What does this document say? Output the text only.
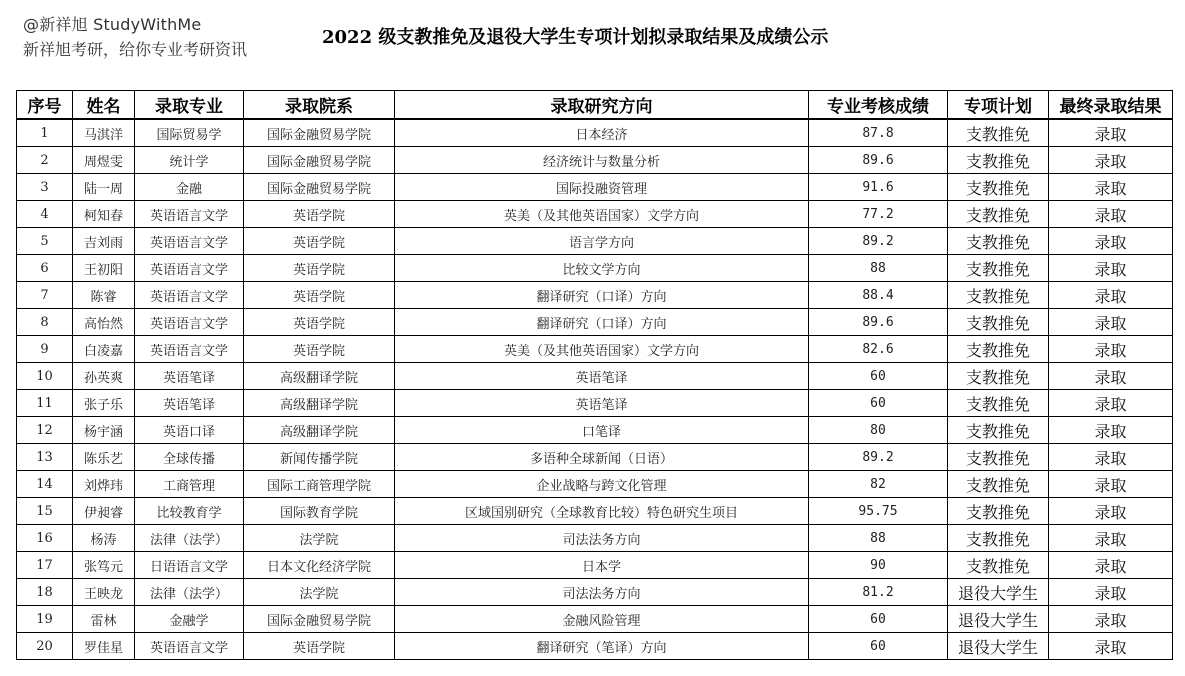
@新祥旭 StudyWithMe
新祥旭考研，给你专业考研资讯
2022 级支教推免及退役大学生专项计划拟录取结果及成绩公示
序号	姓名	录取专业	录取院系	录取研究方向	专业考核成绩	专项计划	最终录取结果
1	马淇洋	国际贸易学	国际金融贸易学院	日本经济	87.8	支教推免	录取
2	周煜雯	统计学	国际金融贸易学院	经济统计与数量分析	89.6	支教推免	录取
3	陆一周	金融	国际金融贸易学院	国际投融资管理	91.6	支教推免	录取
4	柯知春	英语语言文学	英语学院	英美（及其他英语国家）文学方向	77.2	支教推免	录取
5	吉刘雨	英语语言文学	英语学院	语言学方向	89.2	支教推免	录取
6	王初阳	英语语言文学	英语学院	比较文学方向	88	支教推免	录取
7	陈睿	英语语言文学	英语学院	翻译研究（口译）方向	88.4	支教推免	录取
8	高怡然	英语语言文学	英语学院	翻译研究（口译）方向	89.6	支教推免	录取
9	白凌嘉	英语语言文学	英语学院	英美（及其他英语国家）文学方向	82.6	支教推免	录取
10	孙英爽	英语笔译	高级翻译学院	英语笔译	60	支教推免	录取
11	张子乐	英语笔译	高级翻译学院	英语笔译	60	支教推免	录取
12	杨宇涵	英语口译	高级翻译学院	口笔译	80	支教推免	录取
13	陈乐艺	全球传播	新闻传播学院	多语种全球新闻（日语）	89.2	支教推免	录取
14	刘烨玮	工商管理	国际工商管理学院	企业战略与跨文化管理	82	支教推免	录取
15	伊昶睿	比较教育学	国际教育学院	区域国别研究（全球教育比较）特色研究生项目	95.75	支教推免	录取
16	杨涛	法律（法学）	法学院	司法法务方向	88	支教推免	录取
17	张笃元	日语语言文学	日本文化经济学院	日本学	90	支教推免	录取
18	王映龙	法律（法学）	法学院	司法法务方向	81.2	退役大学生	录取
19	雷林	金融学	国际金融贸易学院	金融风险管理	60	退役大学生	录取
20	罗佳星	英语语言文学	英语学院	翻译研究（笔译）方向	60	退役大学生	录取
